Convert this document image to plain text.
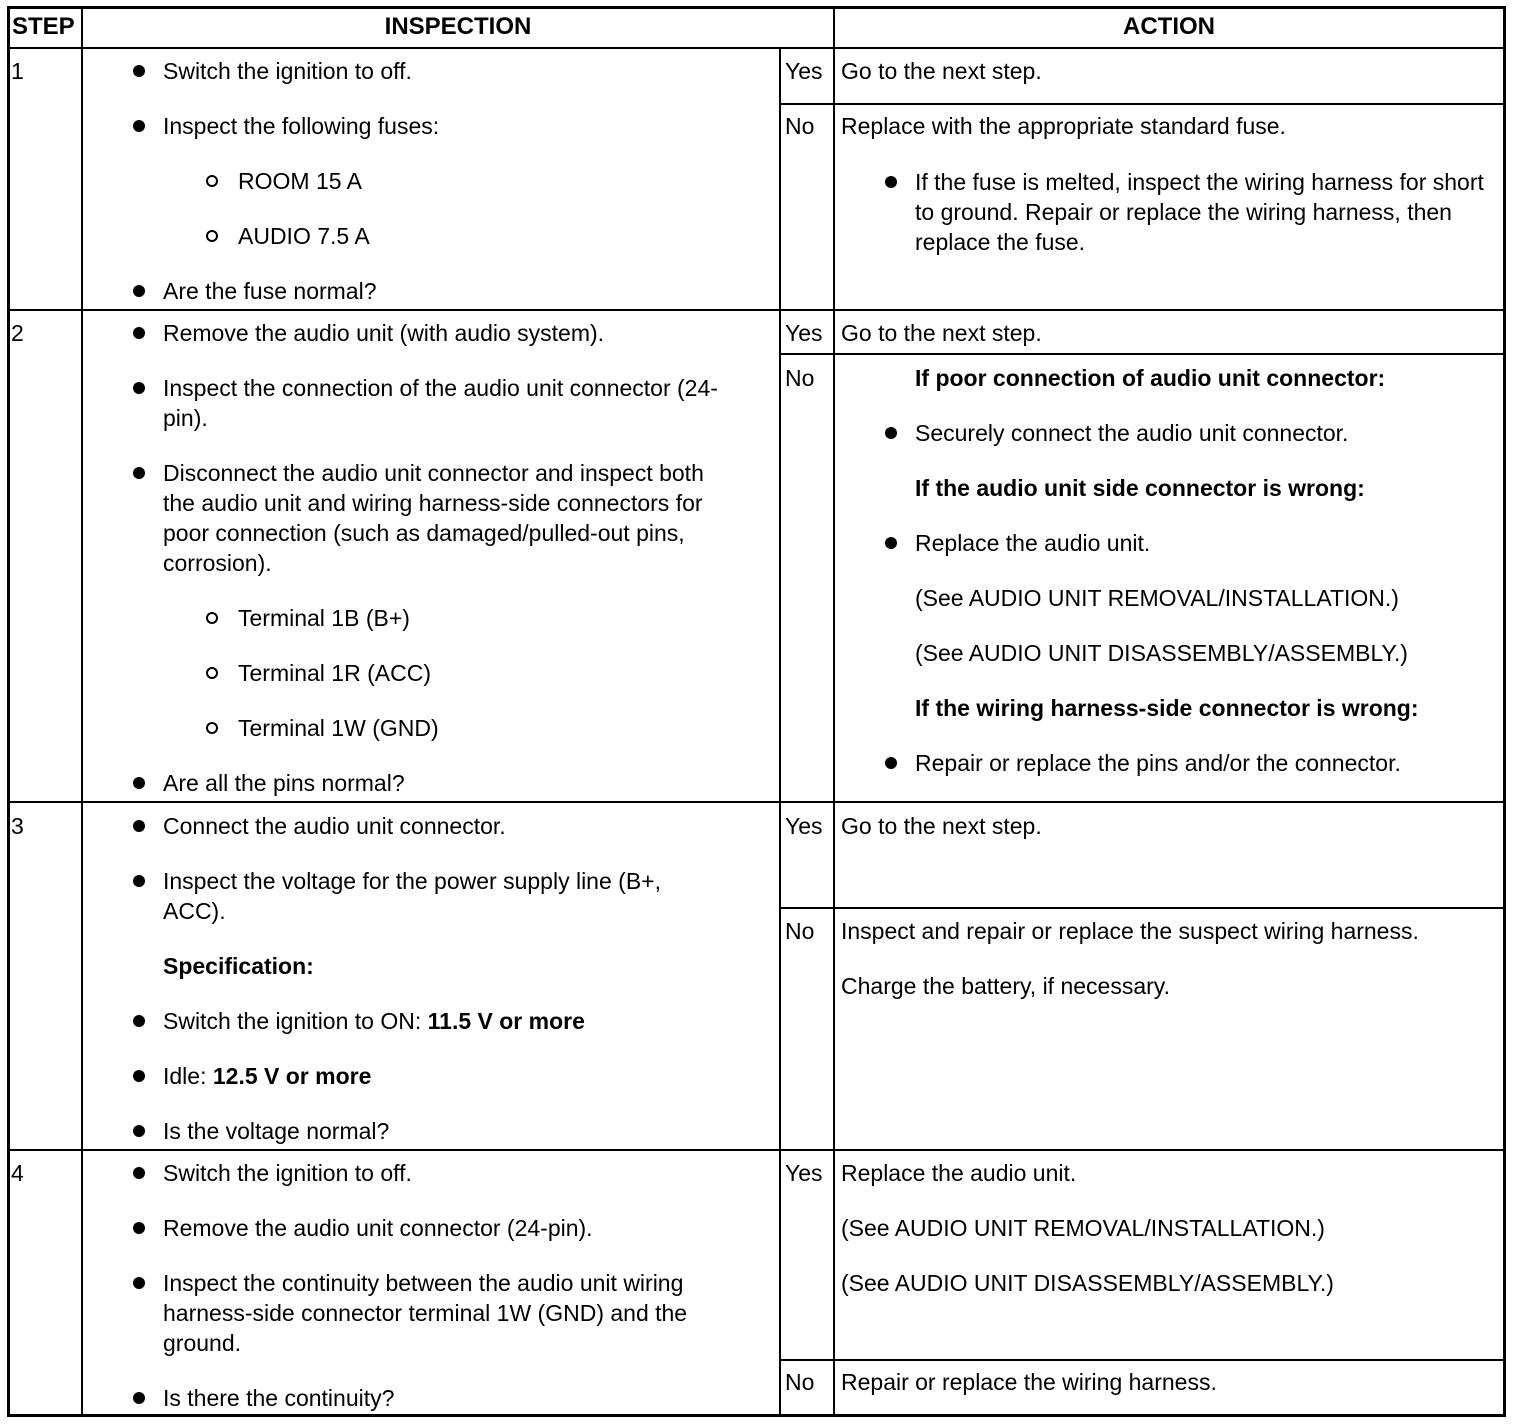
STEP	INSPECTION	ACTION
1	Switch the ignition to off.
Inspect the following fuses:
ROOM 15 A
AUDIO 7.5 A
Are the fuse normal?
Yes Go to the next step.
No Replace with the appropriate standard fuse.
If the fuse is melted, inspect the wiring harness for short to ground. Repair or replace the wiring harness, then replace the fuse.
2	Remove the audio unit (with audio system).
Inspect the connection of the audio unit connector (24-pin).
Disconnect the audio unit connector and inspect both the audio unit and wiring harness-side connectors for poor connection (such as damaged/pulled-out pins, corrosion).
Terminal 1B (B+)
Terminal 1R (ACC)
Terminal 1W (GND)
Are all the pins normal?
Yes Go to the next step.
No	If poor connection of audio unit connector:
Securely connect the audio unit connector.
If the audio unit side connector is wrong:
Replace the audio unit.
(See AUDIO UNIT REMOVAL/INSTALLATION.)
(See AUDIO UNIT DISASSEMBLY/ASSEMBLY.)
If the wiring harness-side connector is wrong:
Repair or replace the pins and/or the connector.
3	Connect the audio unit connector.
Inspect the voltage for the power supply line (B+, ACC).
Specification:
Switch the ignition to ON: 11.5 V or more
Idle: 12.5 V or more
Is the voltage normal?
Yes Go to the next step.
No Inspect and repair or replace the suspect wiring harness.
Charge the battery, if necessary.
4	Switch the ignition to off.
Remove the audio unit connector (24-pin).
Inspect the continuity between the audio unit wiring harness-side connector terminal 1W (GND) and the ground.
Is there the continuity?
Yes Replace the audio unit.
(See AUDIO UNIT REMOVAL/INSTALLATION.)
(See AUDIO UNIT DISASSEMBLY/ASSEMBLY.)
No Repair or replace the wiring harness.
